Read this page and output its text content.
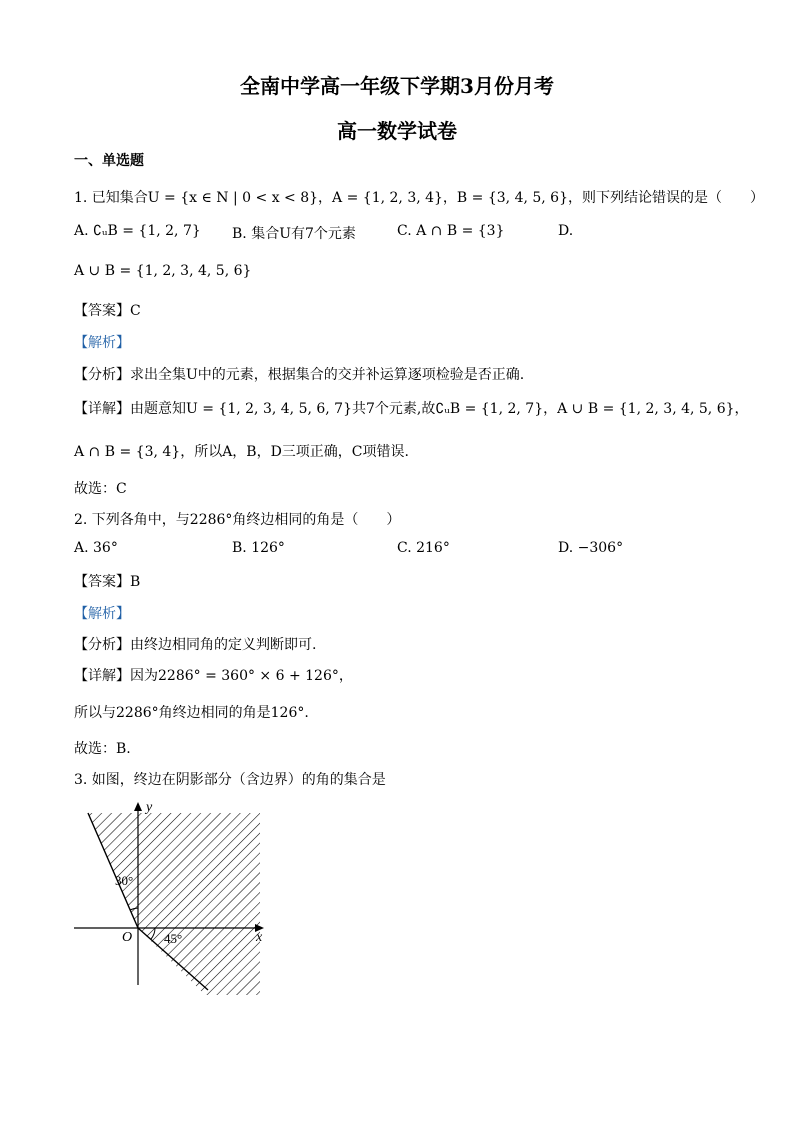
全南中学高一年级下学期3月份月考
高一数学试卷
一、单选题
1. 已知集合U = {x ∈ N | 0 < x < 8}，A = {1, 2, 3, 4}，B = {3, 4, 5, 6}，则下列结论错误的是（　　）
A. ∁ᵤB = {1, 2, 7} B. 集合U有7个元素	C. A ∩ B = {3}	D.
A ∪ B = {1, 2, 3, 4, 5, 6}
【答案】C
【解析】
【分析】求出全集U中的元素，根据集合的交并补运算逐项检验是否正确.
【详解】由题意知U = {1, 2, 3, 4, 5, 6, 7}共7个元素,故∁ᵤB = {1, 2, 7}，A ∪ B = {1, 2, 3, 4, 5, 6}，
A ∩ B = {3, 4}，所以A，B，D三项正确，C项错误.
故选：C
2. 下列各角中，与2286°角终边相同的角是（　　）
A. 36°	B. 126°	C. 216°	D. −306°
【答案】B
【解析】
【分析】由终边相同角的定义判断即可.
【详解】因为2286° = 360° × 6 + 126°，
所以与2286°角终边相同的角是126°.
故选：B.
3. 如图，终边在阴影部分（含边界）的角的集合是
x
y
O
30°
45°
